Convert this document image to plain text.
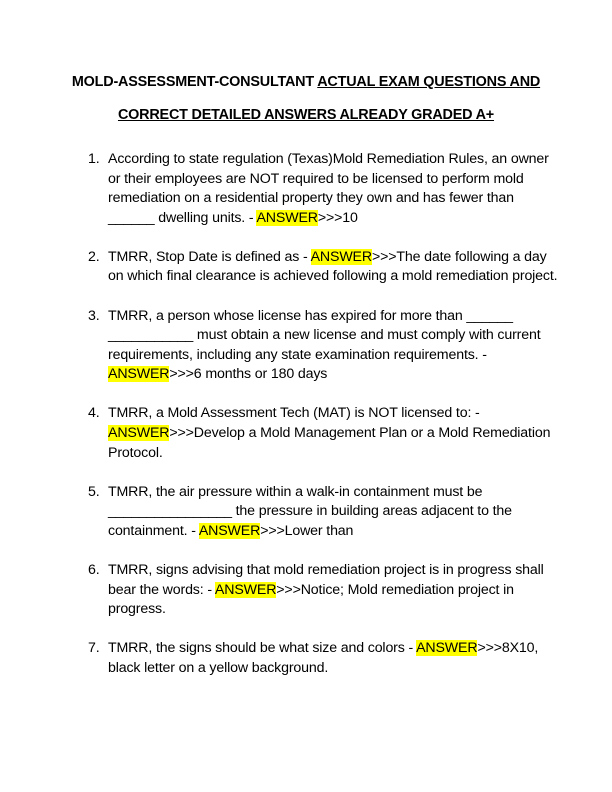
MOLD-ASSESSMENT-CONSULTANT ACTUAL EXAM QUESTIONS AND
CORRECT DETAILED ANSWERS ALREADY GRADED A+
1. According to state regulation (Texas)Mold Remediation Rules, an owner or their employees are NOT required to be licensed to perform mold remediation on a residential property they own and has fewer than ______ dwelling units. - ANSWER>>>10
2. TMRR, Stop Date is defined as - ANSWER>>>The date following a day on which final clearance is achieved following a mold remediation project.
3. TMRR, a person whose license has expired for more than ______ ___________ must obtain a new license and must comply with current requirements, including any state examination requirements. - ANSWER>>>6 months or 180 days
4. TMRR, a Mold Assessment Tech (MAT) is NOT licensed to: - ANSWER>>>Develop a Mold Management Plan or a Mold Remediation Protocol.
5. TMRR, the air pressure within a walk-in containment must be ________________ the pressure in building areas adjacent to the containment. - ANSWER>>>Lower than
6. TMRR, signs advising that mold remediation project is in progress shall bear the words: - ANSWER>>>Notice; Mold remediation project in progress.
7. TMRR, the signs should be what size and colors - ANSWER>>>8X10, black letter on a yellow background.
